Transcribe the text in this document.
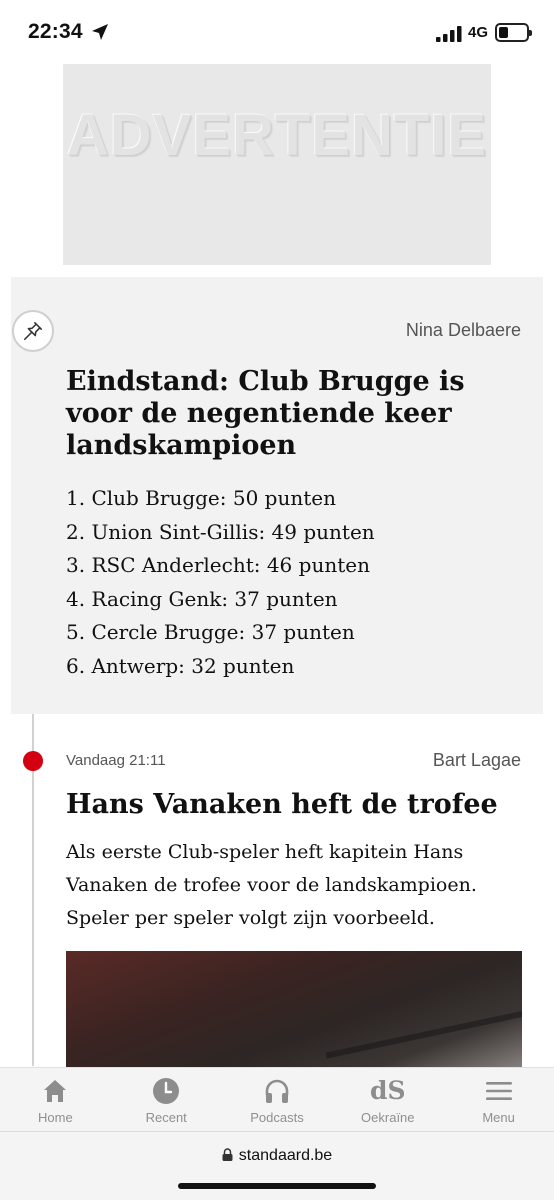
22:34	4G
ADVERTENTIE
Nina Delbaere
Eindstand: Club Brugge is voor de negentiende keer landskampioen
1. Club Brugge: 50 punten
2. Union Sint-Gillis: 49 punten
3. RSC Anderlecht: 46 punten
4. Racing Genk: 37 punten
5. Cercle Brugge: 37 punten
6. Antwerp: 32 punten
Vandaag 21:11	Bart Lagae
Hans Vanaken heft de trofee

Als eerste Club-speler heft kapitein Hans Vanaken de trofee voor de landskampioen. Speler per speler volgt zijn voorbeeld.

Home	Recent	Podcasts
dS
Oekraïne	Menu
standaard.be
